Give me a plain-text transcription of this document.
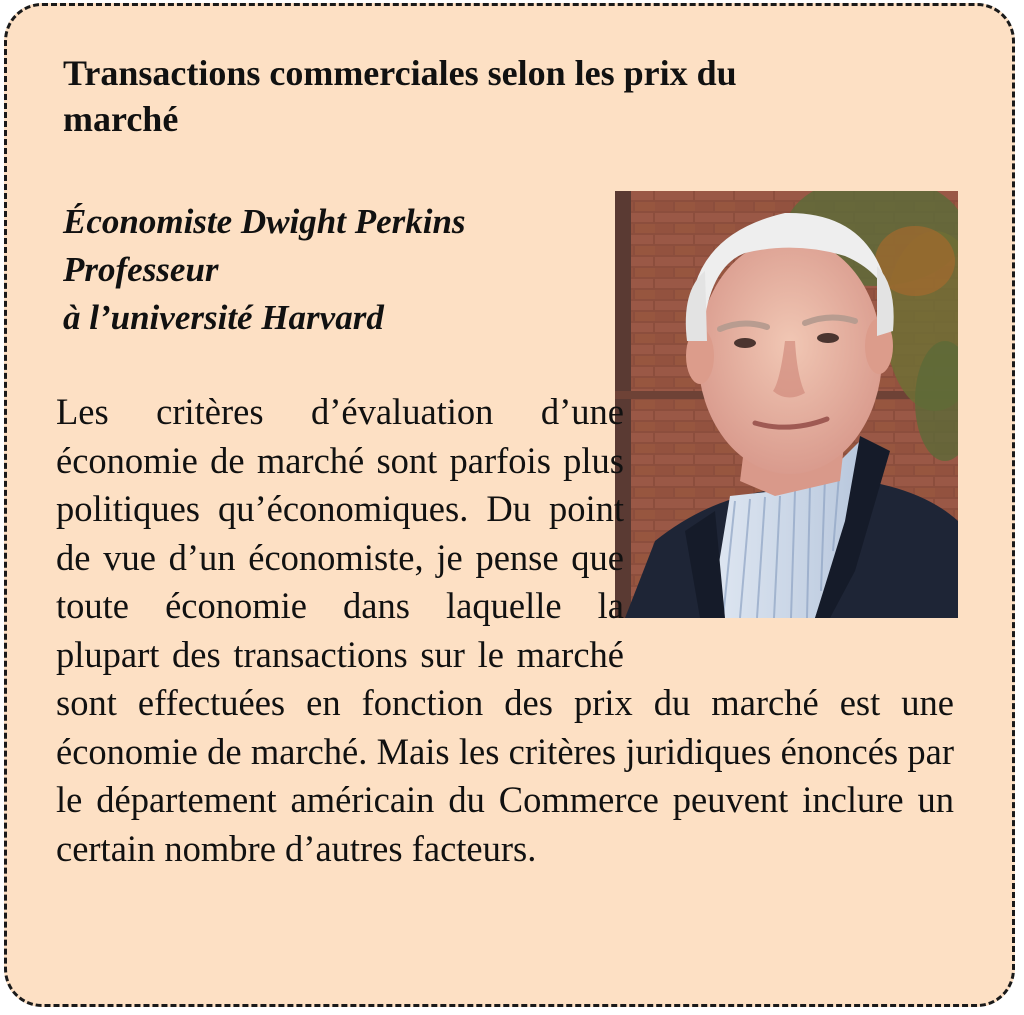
Transactions commerciales selon les prix du marché
Économiste Dwight Perkins
Professeur
à l’université Harvard

Les critères d’évaluation d’une économie de marché sont parfois plus politiques qu’économiques. Du point de vue d’un économiste, je pense que toute économie dans laquelle la plupart des transactions sur le marché sont effectuées en fonction des prix du marché est une économie de marché. Mais les critères juridiques énoncés par le département américain du Commerce peuvent inclure un certain nombre d’autres facteurs.
